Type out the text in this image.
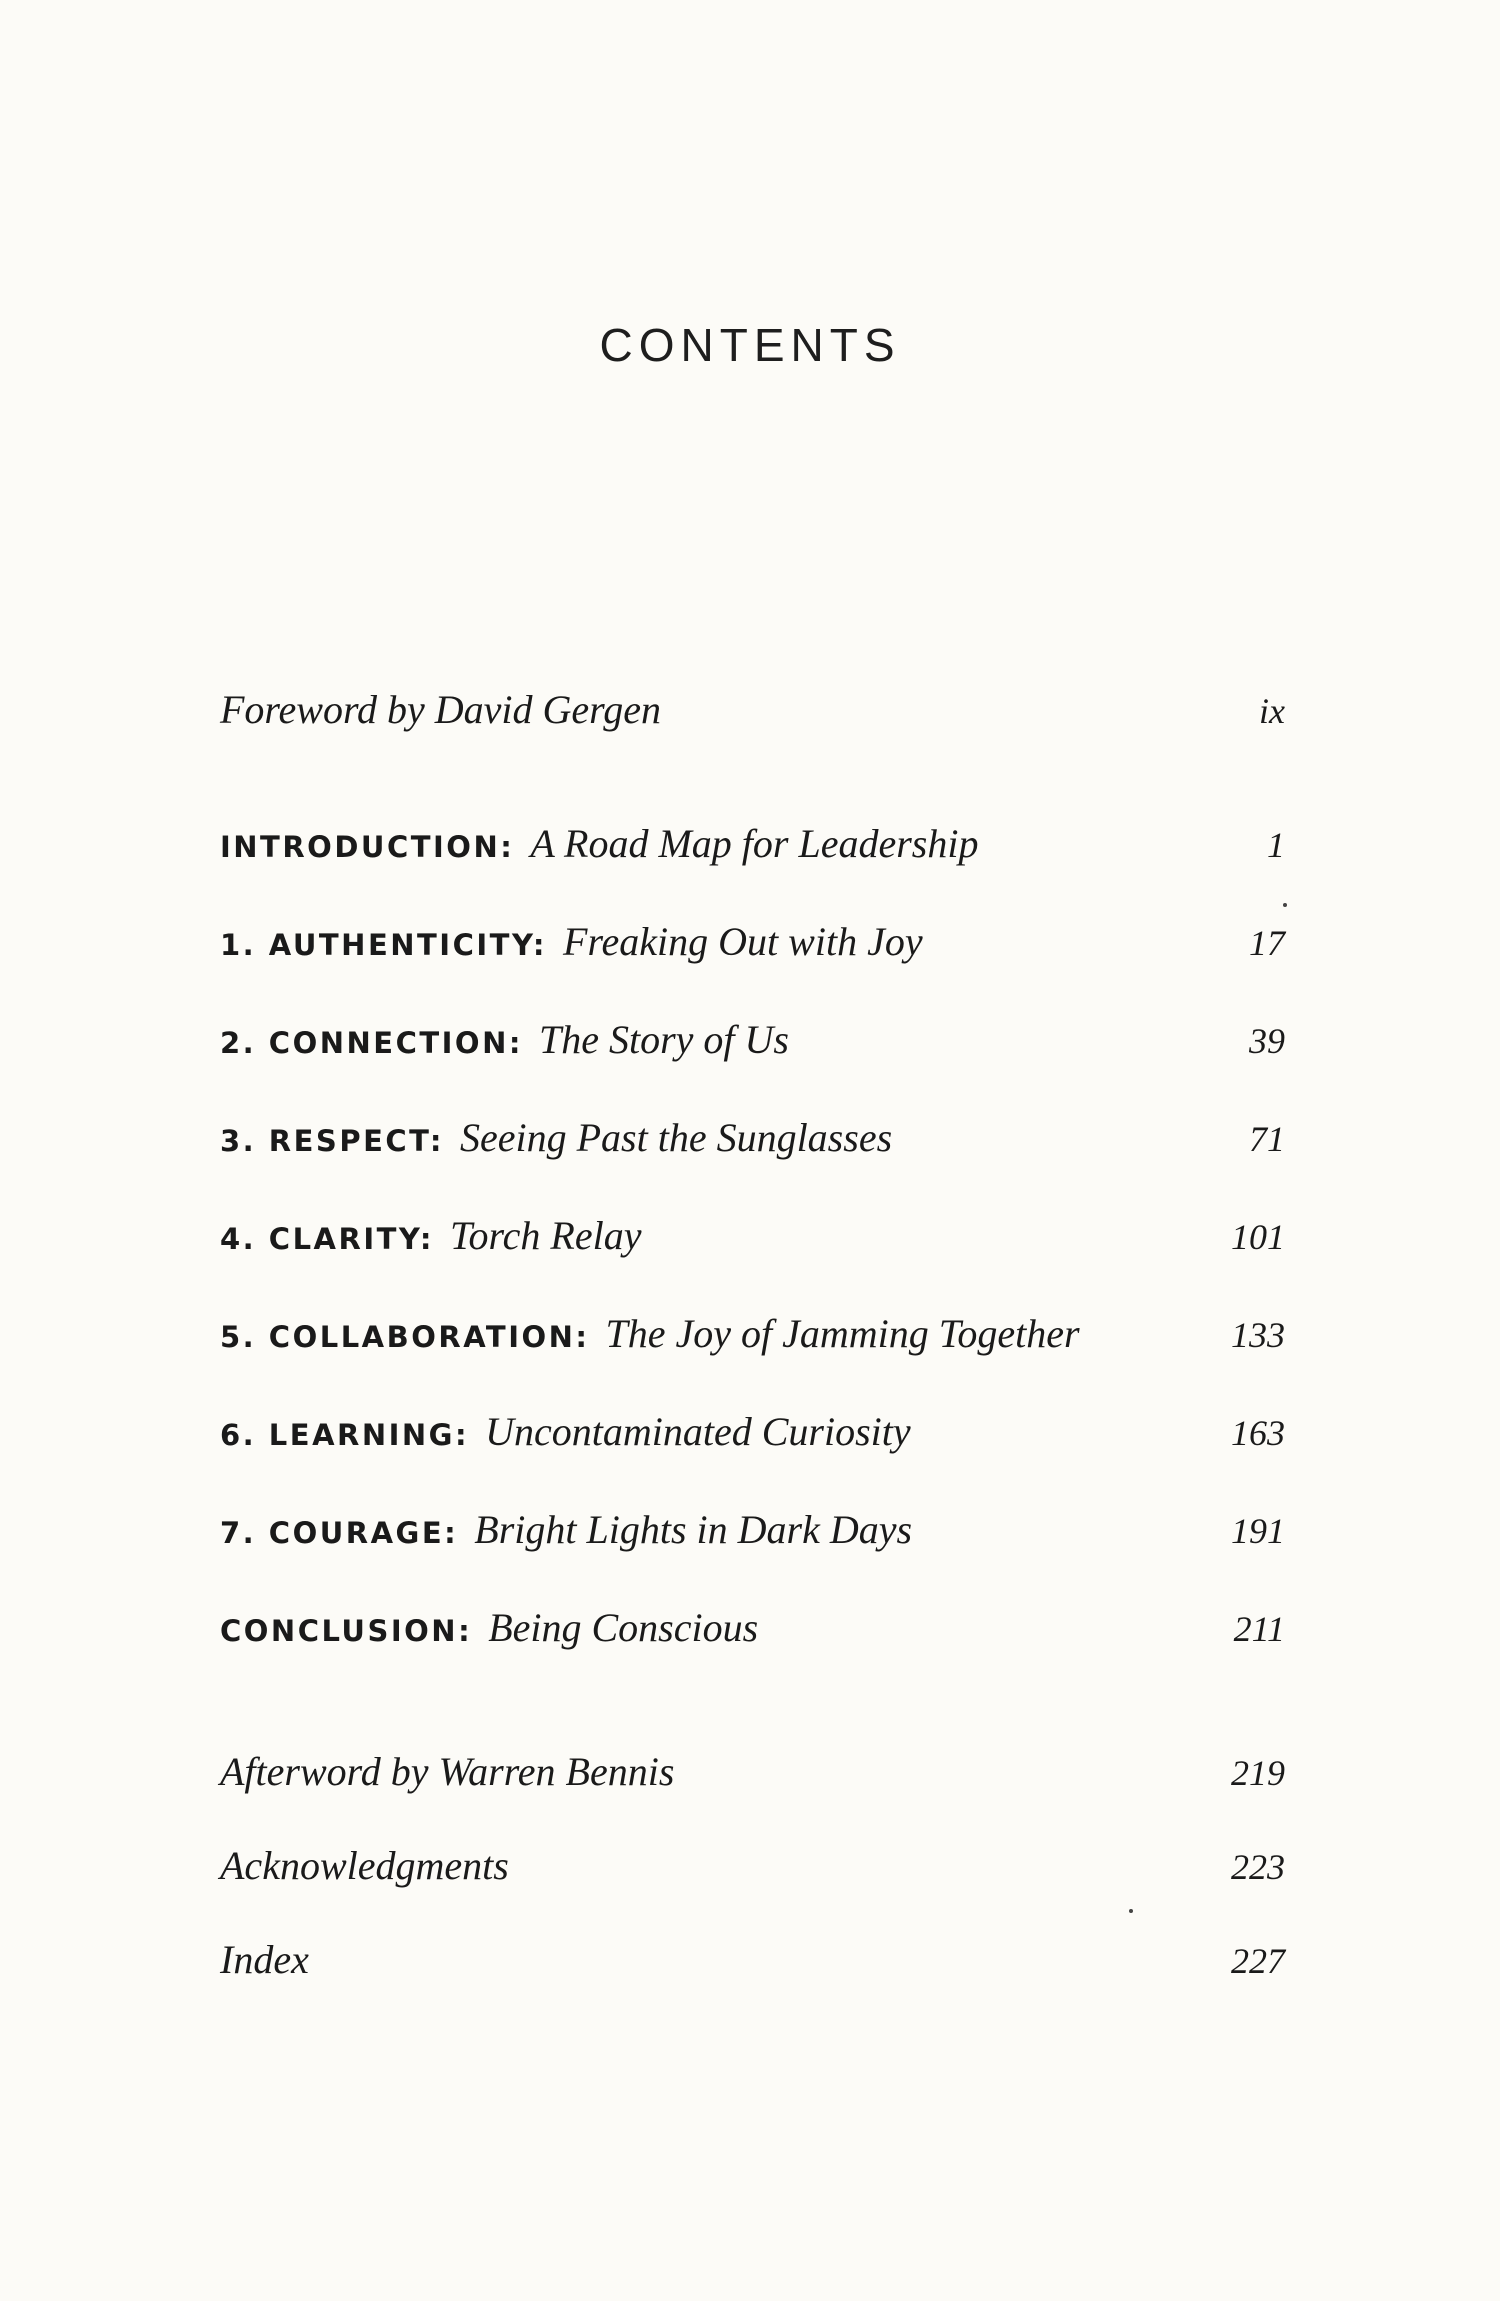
CONTENTS
Foreword by David Gergen	ix
INTRODUCTION: A Road Map for Leadership	1
1. AUTHENTICITY: Freaking Out with Joy	17
2. CONNECTION: The Story of Us	39
3. RESPECT: Seeing Past the Sunglasses	71
4. CLARITY: Torch Relay	101
5. COLLABORATION: The Joy of Jamming Together	133
6. LEARNING: Uncontaminated Curiosity	163
7. COURAGE: Bright Lights in Dark Days	191
CONCLUSION: Being Conscious	211
Afterword by Warren Bennis	219
Acknowledgments	223
Index	227
